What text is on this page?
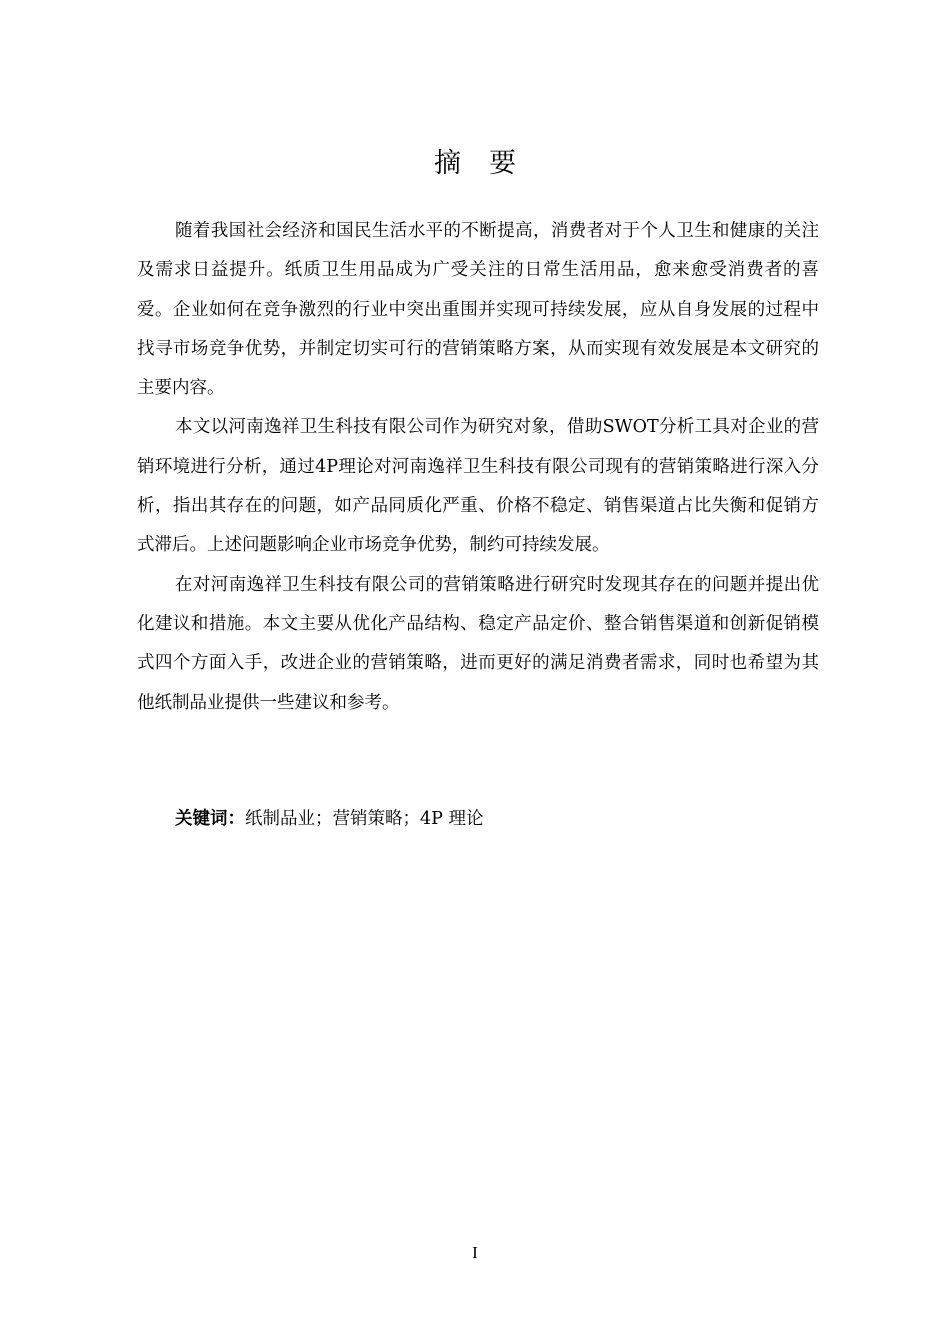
摘要

随着我国社会经济和国民生活水平的不断提高，消费者对于个人卫生和健康的关注及需求日益提升。纸质卫生用品成为广受关注的日常生活用品，愈来愈受消费者的喜爱。企业如何在竞争激烈的行业中突出重围并实现可持续发展，应从自身发展的过程中找寻市场竞争优势，并制定切实可行的营销策略方案，从而实现有效发展是本文研究的主要内容。

本文以河南逸祥卫生科技有限公司作为研究对象，借助SWOT分析工具对企业的营销环境进行分析，通过4P理论对河南逸祥卫生科技有限公司现有的营销策略进行深入分析，指出其存在的问题，如产品同质化严重、价格不稳定、销售渠道占比失衡和促销方式滞后。上述问题影响企业市场竞争优势，制约可持续发展。

在对河南逸祥卫生科技有限公司的营销策略进行研究时发现其存在的问题并提出优化建议和措施。本文主要从优化产品结构、稳定产品定价、整合销售渠道和创新促销模式四个方面入手，改进企业的营销策略，进而更好的满足消费者需求，同时也希望为其他纸制品业提供一些建议和参考。

关键词：纸制品业；营销策略；4P 理论
I
